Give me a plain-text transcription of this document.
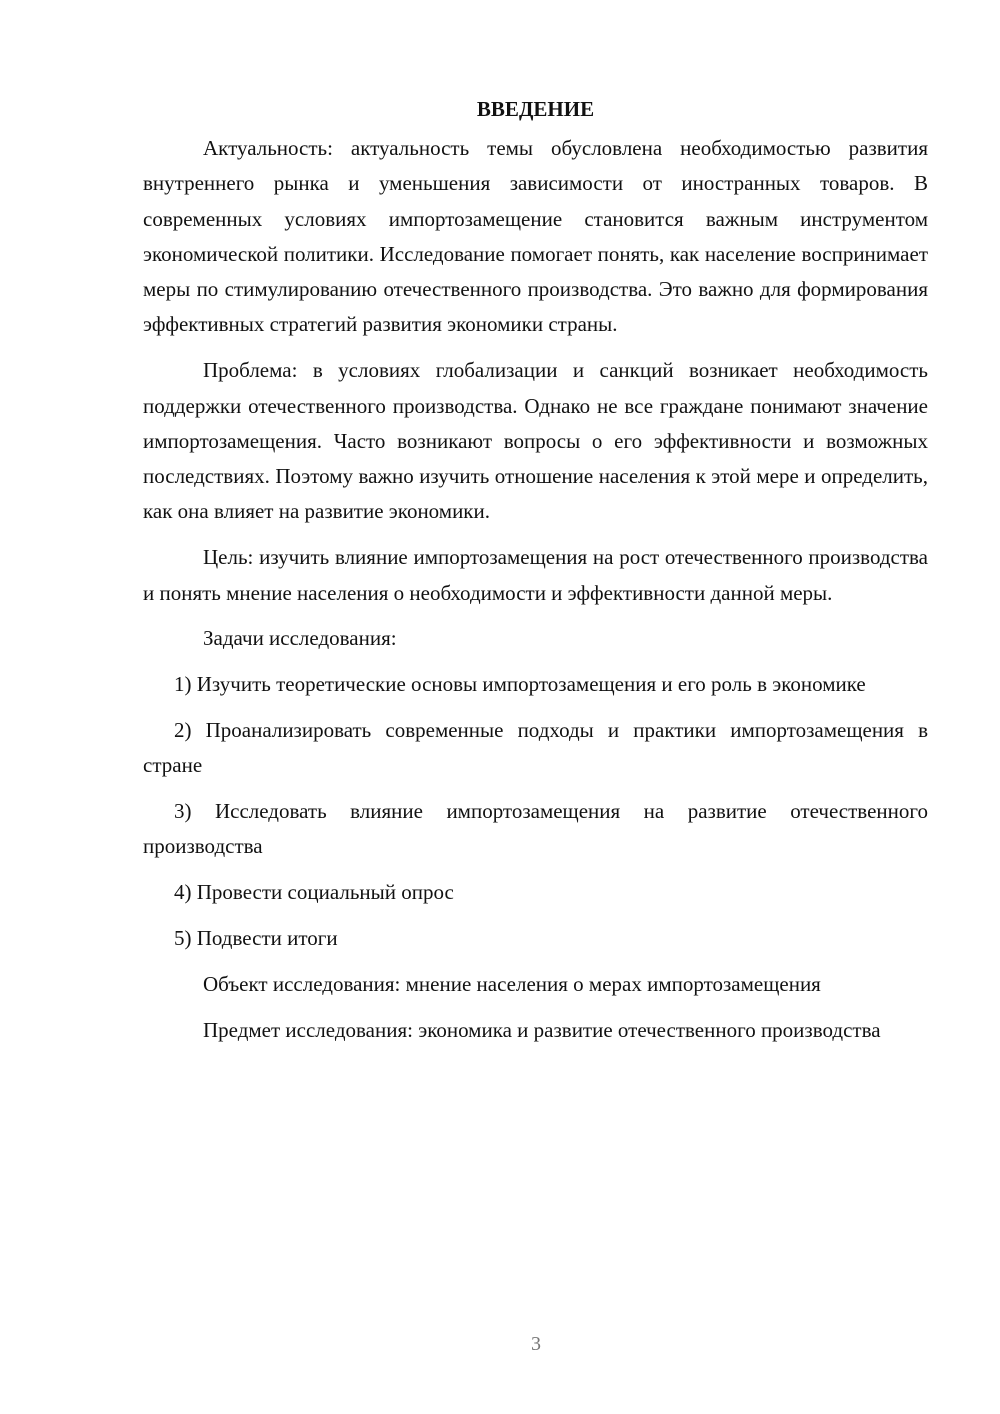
ВВЕДЕНИЕ

Актуальность: актуальность темы обусловлена необходимостью развития внутреннего рынка и уменьшения зависимости от иностранных товаров. В современных условиях импортозамещение становится важным инструментом экономической политики. Исследование помогает понять, как население воспринимает меры по стимулированию отечественного производства. Это важно для формирования эффективных стратегий развития экономики страны.

Проблема: в условиях глобализации и санкций возникает необходимость поддержки отечественного производства. Однако не все граждане понимают значение импортозамещения. Часто возникают вопросы о его эффективности и возможных последствиях. Поэтому важно изучить отношение населения к этой мере и определить, как она влияет на развитие экономики.

Цель: изучить влияние импортозамещения на рост отечественного производства и понять мнение населения о необходимости и эффективности данной меры.

Задачи исследования:

1) Изучить теоретические основы импортозамещения и его роль в экономике

2) Проанализировать современные подходы и практики импортозамещения в стране

3) Исследовать влияние импортозамещения на развитие отечественного производства

4) Провести социальный опрос

5) Подвести итоги

Объект исследования: мнение населения о мерах импортозамещения

Предмет исследования: экономика и развитие отечественного производства

3
